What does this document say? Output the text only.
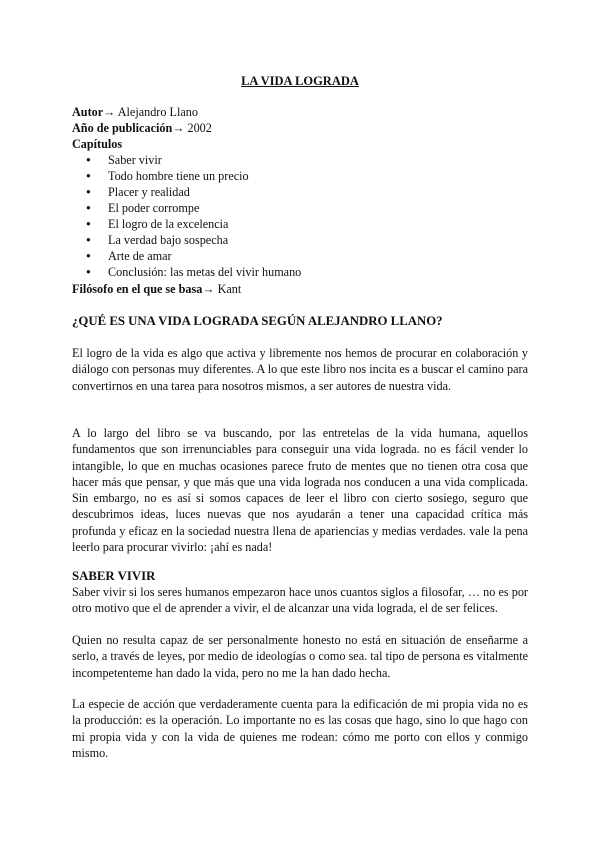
LA VIDA LOGRADA
Autor→ Alejandro Llano
Año de publicación→ 2002
Capítulos
● Saber vivir
● Todo hombre tiene un precio
● Placer y realidad
● El poder corrompe
● El logro de la excelencia
● La verdad bajo sospecha
● Arte de amar
● Conclusión: las metas del vivir humano
Filósofo en el que se basa→ Kant
¿QUÉ ES UNA VIDA LOGRADA SEGÚN ALEJANDRO LLANO?
El logro de la vida es algo que activa y libremente nos hemos de procurar en colaboración y diálogo con personas muy diferentes. A lo que este libro nos incita es a buscar el camino para convertirnos en una tarea para nosotros mismos, a ser autores de nuestra vida.
A lo largo del libro se va buscando, por las entretelas de la vida humana, aquellos fundamentos que son irrenunciables para conseguir una vida lograda. no es fácil vender lo intangible, lo que en muchas ocasiones parece fruto de mentes que no tienen otra cosa que hacer más que pensar, y que más que una vida lograda nos conducen a una vida complicada. Sin embargo, no es así si somos capaces de leer el libro con cierto sosiego, seguro que descubrimos ideas, luces nuevas que nos ayudarán a tener una capacidad crítica más profunda y eficaz en la sociedad nuestra llena de apariencias y medias verdades. vale la pena leerlo para procurar vivirlo: ¡ahí es nada!
SABER VIVIR
Saber vivir si los seres humanos empezaron hace unos cuantos siglos a filosofar, … no es por otro motivo que el de aprender a vivir, el de alcanzar una vida lograda, el de ser felices.
Quien no resulta capaz de ser personalmente honesto no está en situación de enseñarme a serlo, a través de leyes, por medio de ideologías o como sea. tal tipo de persona es vitalmente incompetenteme han dado la vida, pero no me la han dado hecha.
La especie de acción que verdaderamente cuenta para la edificación de mi propia vida no es la producción: es la operación. Lo importante no es las cosas que hago, sino lo que hago con mi propia vida y con la vida de quienes me rodean: cómo me porto con ellos y conmigo mismo.
